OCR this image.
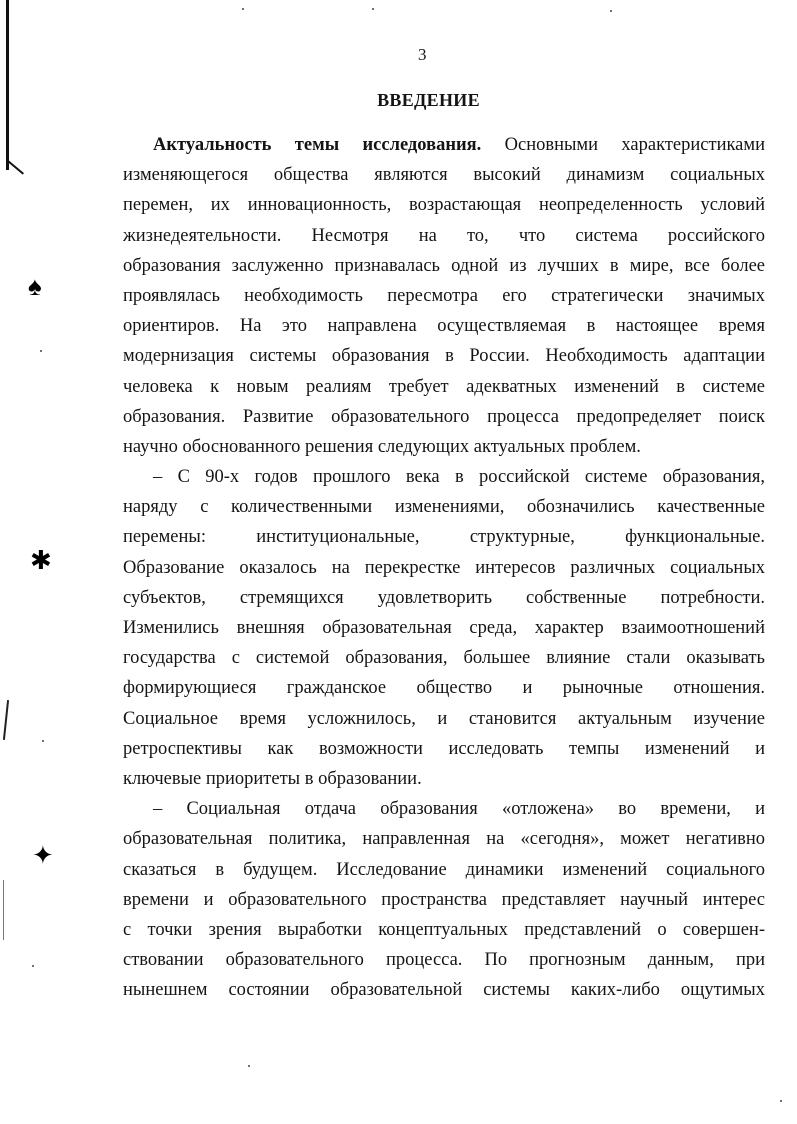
♠
✱
✦
3
ВВЕДЕНИЕ
Актуальность темы исследования. Основными характеристиками
изменяющегося общества являются высокий динамизм социальных
перемен, их инновационность, возрастающая неопределенность условий
жизнедеятельности. Несмотря на то, что система российского
образования заслуженно признавалась одной из лучших в мире, все более
проявлялась необходимость пересмотра его стратегически значимых
ориентиров. На это направлена осуществляемая в настоящее время
модернизация системы образования в России. Необходимость адаптации
человека к новым реалиям требует адекватных изменений в системе
образования. Развитие образовательного процесса предопределяет поиск
научно обоснованного решения следующих актуальных проблем.
– С 90-х годов прошлого века в российской системе образования,
наряду с количественными изменениями, обозначились качественные
перемены: институциональные, структурные, функциональные.
Образование оказалось на перекрестке интересов различных социальных
субъектов, стремящихся удовлетворить собственные потребности.
Изменились внешняя образовательная среда, характер взаимоотношений
государства с системой образования, большее влияние стали оказывать
формирующиеся гражданское общество и рыночные отношения.
Социальное время усложнилось, и становится актуальным изучение
ретроспективы как возможности исследовать темпы изменений и
ключевые приоритеты в образовании.
– Социальная отдача образования «отложена» во времени, и
образовательная политика, направленная на «сегодня», может негативно
сказаться в будущем. Исследование динамики изменений социального
времени и образовательного пространства представляет научный интерес
с точки зрения выработки концептуальных представлений о совершен-
ствовании образовательного процесса. По прогнозным данным, при
нынешнем состоянии образовательной системы каких-либо ощутимых
